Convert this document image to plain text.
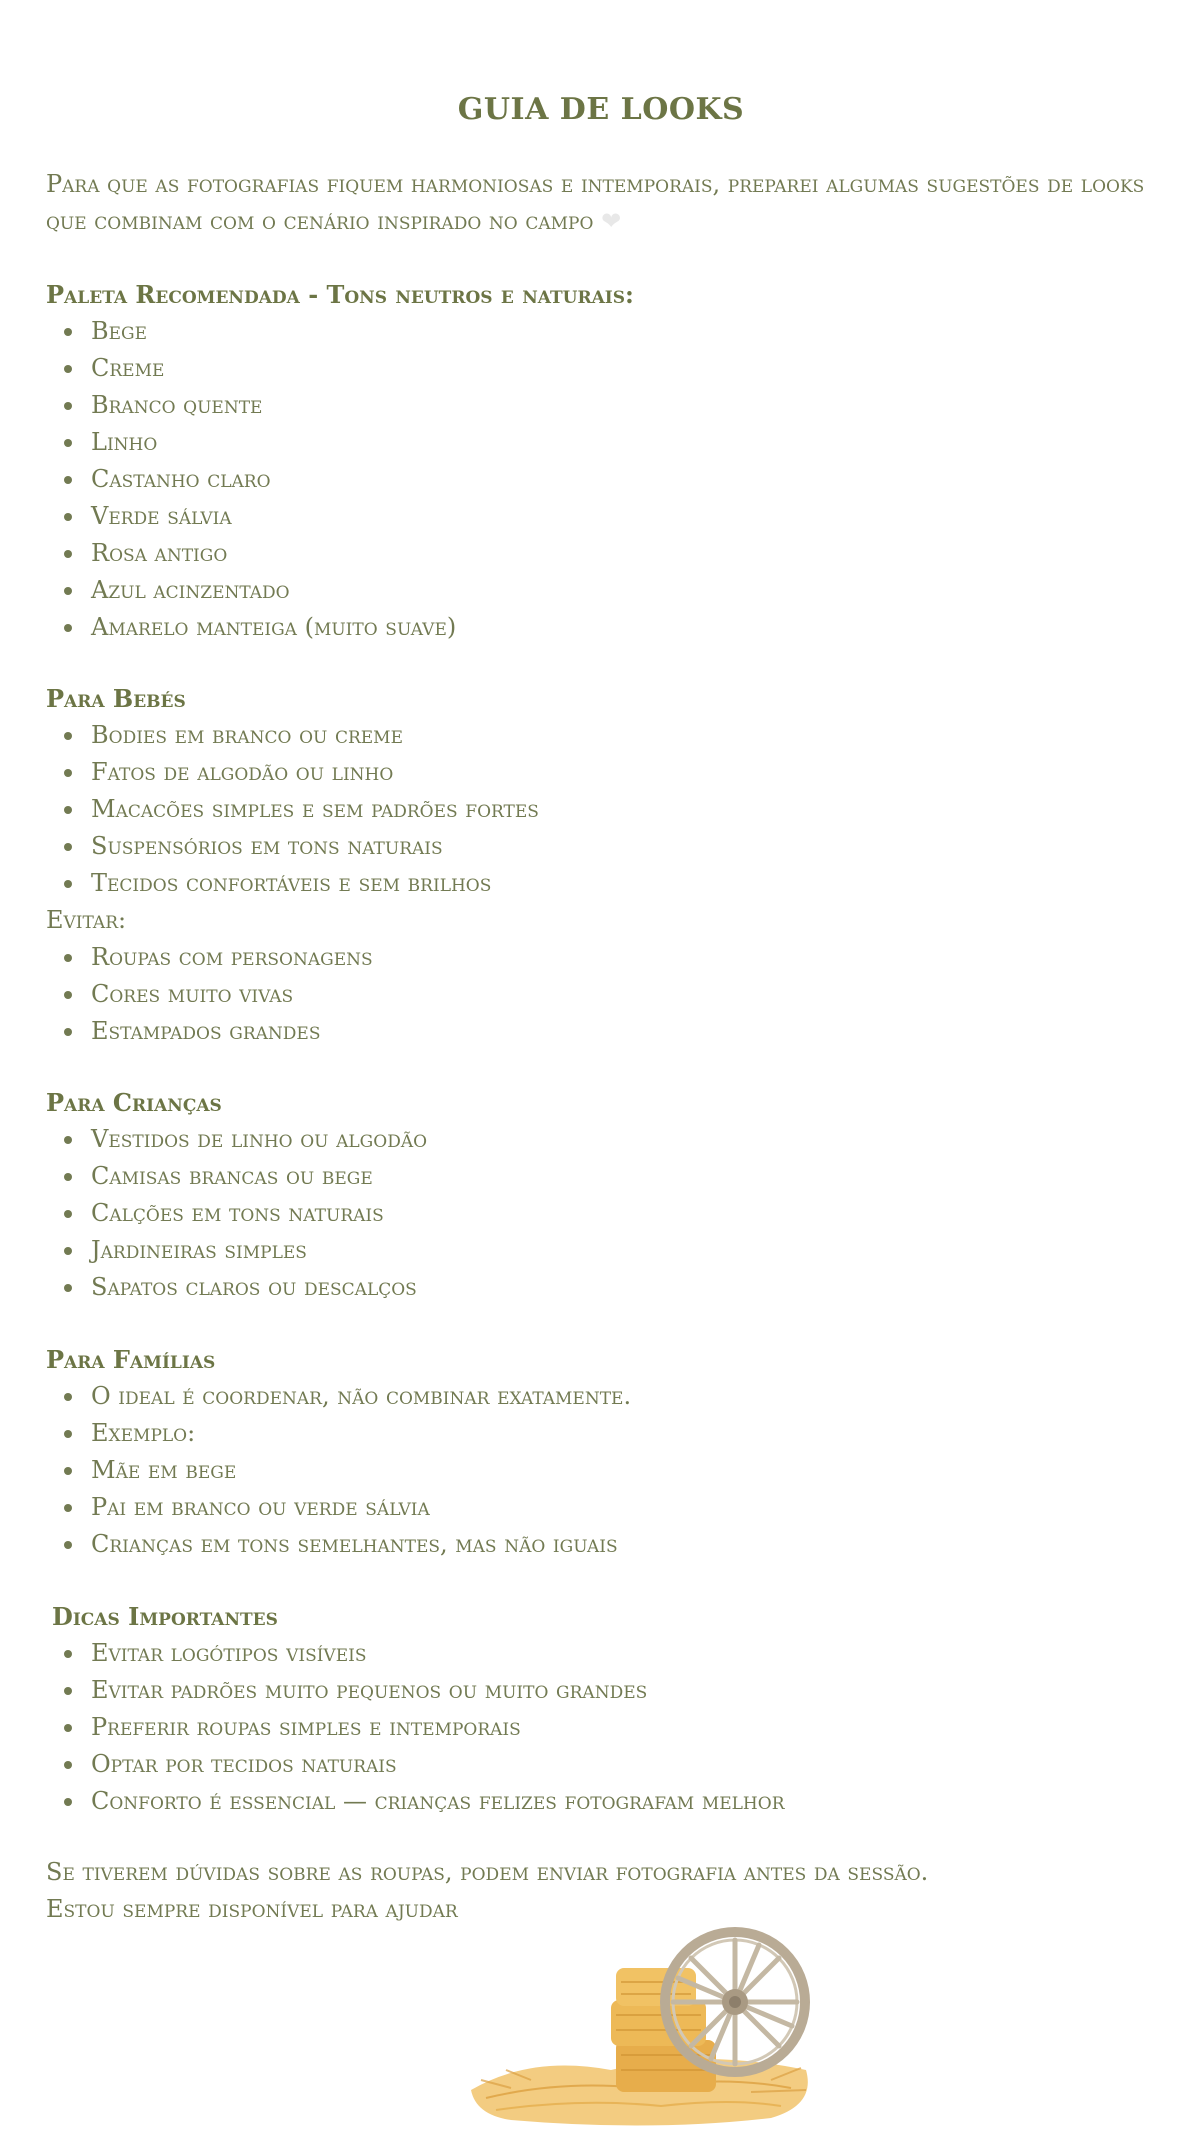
GUIA DE LOOKS

Para que as fotografias fiquem harmoniosas e intemporais, preparei algumas sugestões de looks que combinam com o cenário inspirado no campo ❤

Paleta Recomendada - Tons neutros e naturais:
Bege
Creme
Branco quente
Linho
Castanho claro
Verde sálvia
Rosa antigo
Azul acinzentado
Amarelo manteiga (muito suave)
Para Bebés
Bodies em branco ou creme
Fatos de algodão ou linho
Macacões simples e sem padrões fortes
Suspensórios em tons naturais
Tecidos confortáveis e sem brilhos

Evitar:

Roupas com personagens
Cores muito vivas
Estampados grandes
Para Crianças
Vestidos de linho ou algodão
Camisas brancas ou bege
Calções em tons naturais
Jardineiras simples
Sapatos claros ou descalços
Para Famílias
O ideal é coordenar, não combinar exatamente.
Exemplo:
Mãe em bege
Pai em branco ou verde sálvia
Crianças em tons semelhantes, mas não iguais
Dicas Importantes
Evitar logótipos visíveis
Evitar padrões muito pequenos ou muito grandes
Preferir roupas simples e intemporais
Optar por tecidos naturais
Conforto é essencial — crianças felizes fotografam melhor

Se tiverem dúvidas sobre as roupas, podem enviar fotografia antes da sessão.

Estou sempre disponível para ajudar
